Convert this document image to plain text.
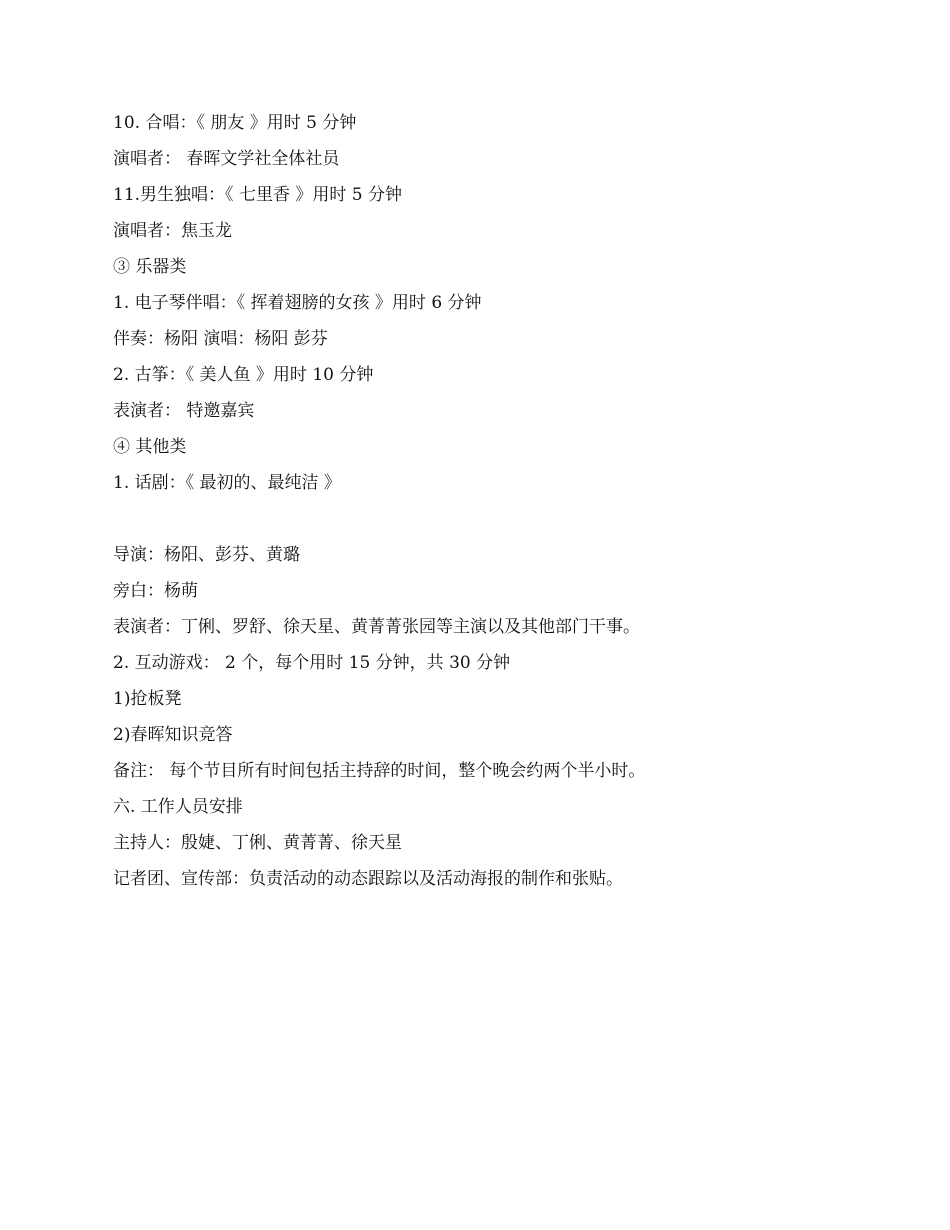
10. 合唱：《 朋友 》用时 5 分钟
演唱者： 春晖文学社全体社员
11.男生独唱：《 七里香 》用时 5 分钟
演唱者：焦玉龙
③ 乐器类
1. 电子琴伴唱：《 挥着翅膀的女孩 》用时 6 分钟
伴奏：杨阳 演唱：杨阳 彭芬
2. 古筝：《 美人鱼 》用时 10 分钟
表演者： 特邀嘉宾
④ 其他类
1. 话剧：《 最初的、最纯洁 》
导演：杨阳、彭芬、黄璐
旁白：杨萌
表演者：丁俐、罗舒、徐天星、黄菁菁张园等主演以及其他部门干事。
2. 互动游戏： 2 个，每个用时 15 分钟，共 30 分钟
1)抢板凳
2)春晖知识竞答
备注： 每个节目所有时间包括主持辞的时间，整个晚会约两个半小时。
六. 工作人员安排
主持人：殷婕、丁俐、黄菁菁、徐天星
记者团、宣传部：负责活动的动态跟踪以及活动海报的制作和张贴。
